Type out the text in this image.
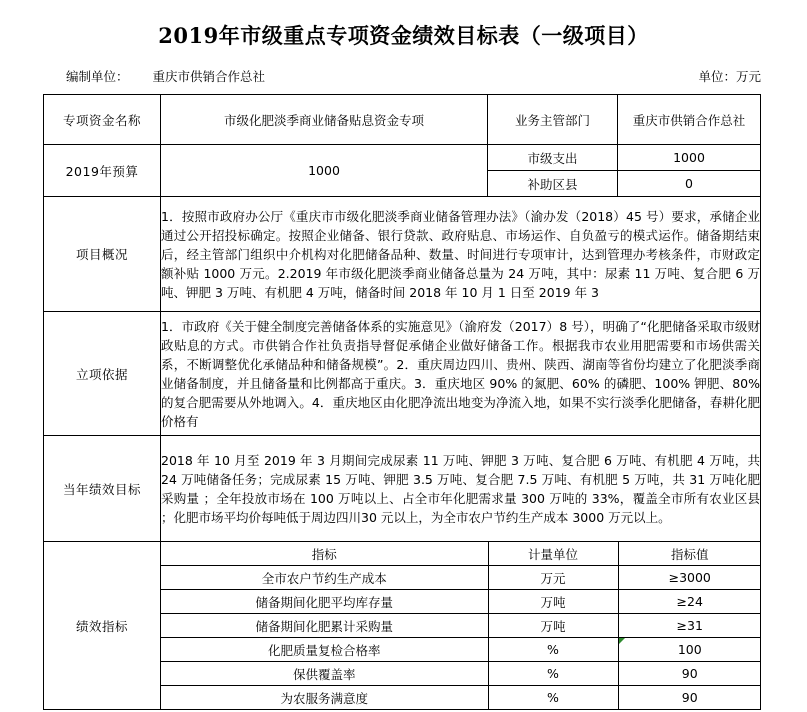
2019年市级重点专项资金绩效目标表（一级项目）
编制单位： 重庆市供销合作总社	单位：万元
专项资金名称	市级化肥淡季商业储备贴息资金专项	业务主管部门	重庆市供销合作总社
2019年预算	1000	市级支出	1000
补助区县	0
项目概况	1．按照市政府办公厅《重庆市市级化肥淡季商业储备管理办法》（渝办发（2018）45 号）要求，承储企业通过公开招投标确定。按照企业储备、银行贷款、政府贴息、市场运作、自负盈亏的模式运作。储备期结束后，经主管部门组织中介机构对化肥储备品种、数量、时间进行专项审计，达到管理办考核条件，市财政定额补贴 1000 万元。2.2019 年市级化肥淡季商业储备总量为 24 万吨，其中：尿素 11 万吨、复合肥 6 万吨、钾肥 3 万吨、有机肥 4 万吨，储备时间 2018 年 10 月 1 日至 2019 年 3
立项依据	1．市政府《关于健全制度完善储备体系的实施意见》（渝府发（2017）8 号），明确了“化肥储备采取市级财政贴息的方式。市供销合作社负责指导督促承储企业做好储备工作。根据我市农业用肥需要和市场供需关系，不断调整优化承储品种和储备规模”。2．重庆周边四川、贵州、陕西、湖南等省份均建立了化肥淡季商业储备制度，并且储备量和比例都高于重庆。3．重庆地区 90% 的氮肥、60% 的磷肥、100% 钾肥、80%的复合肥需要从外地调入。4．重庆地区由化肥净流出地变为净流入地，如果不实行淡季化肥储备，春耕化肥价格有
当年绩效目标	2018 年 10 月至 2019 年 3 月期间完成尿素 11 万吨、钾肥 3 万吨、复合肥 6 万吨、有机肥 4 万吨，共 24 万吨储备任务；完成尿素 15 万吨、钾肥 3.5 万吨、复合肥 7.5 万吨、有机肥 5 万吨，共 31 万吨化肥采购量 ；全年投放市场在 100 万吨以上、占全市年化肥需求量 300 万吨的 33%，覆盖全市所有农业区县 ；化肥市场平均价每吨低于周边四川30 元以上，为全市农户节约生产成本 3000 万元以上。
绩效指标	
指标	计量单位	指标值
全市农户节约生产成本	万元	≥3000
储备期间化肥平均库存量	万吨	≥24
储备期间化肥累计采购量	万吨	≥31
化肥质量复检合格率	%	100
保供覆盖率	%	90
为农服务满意度	%	90
